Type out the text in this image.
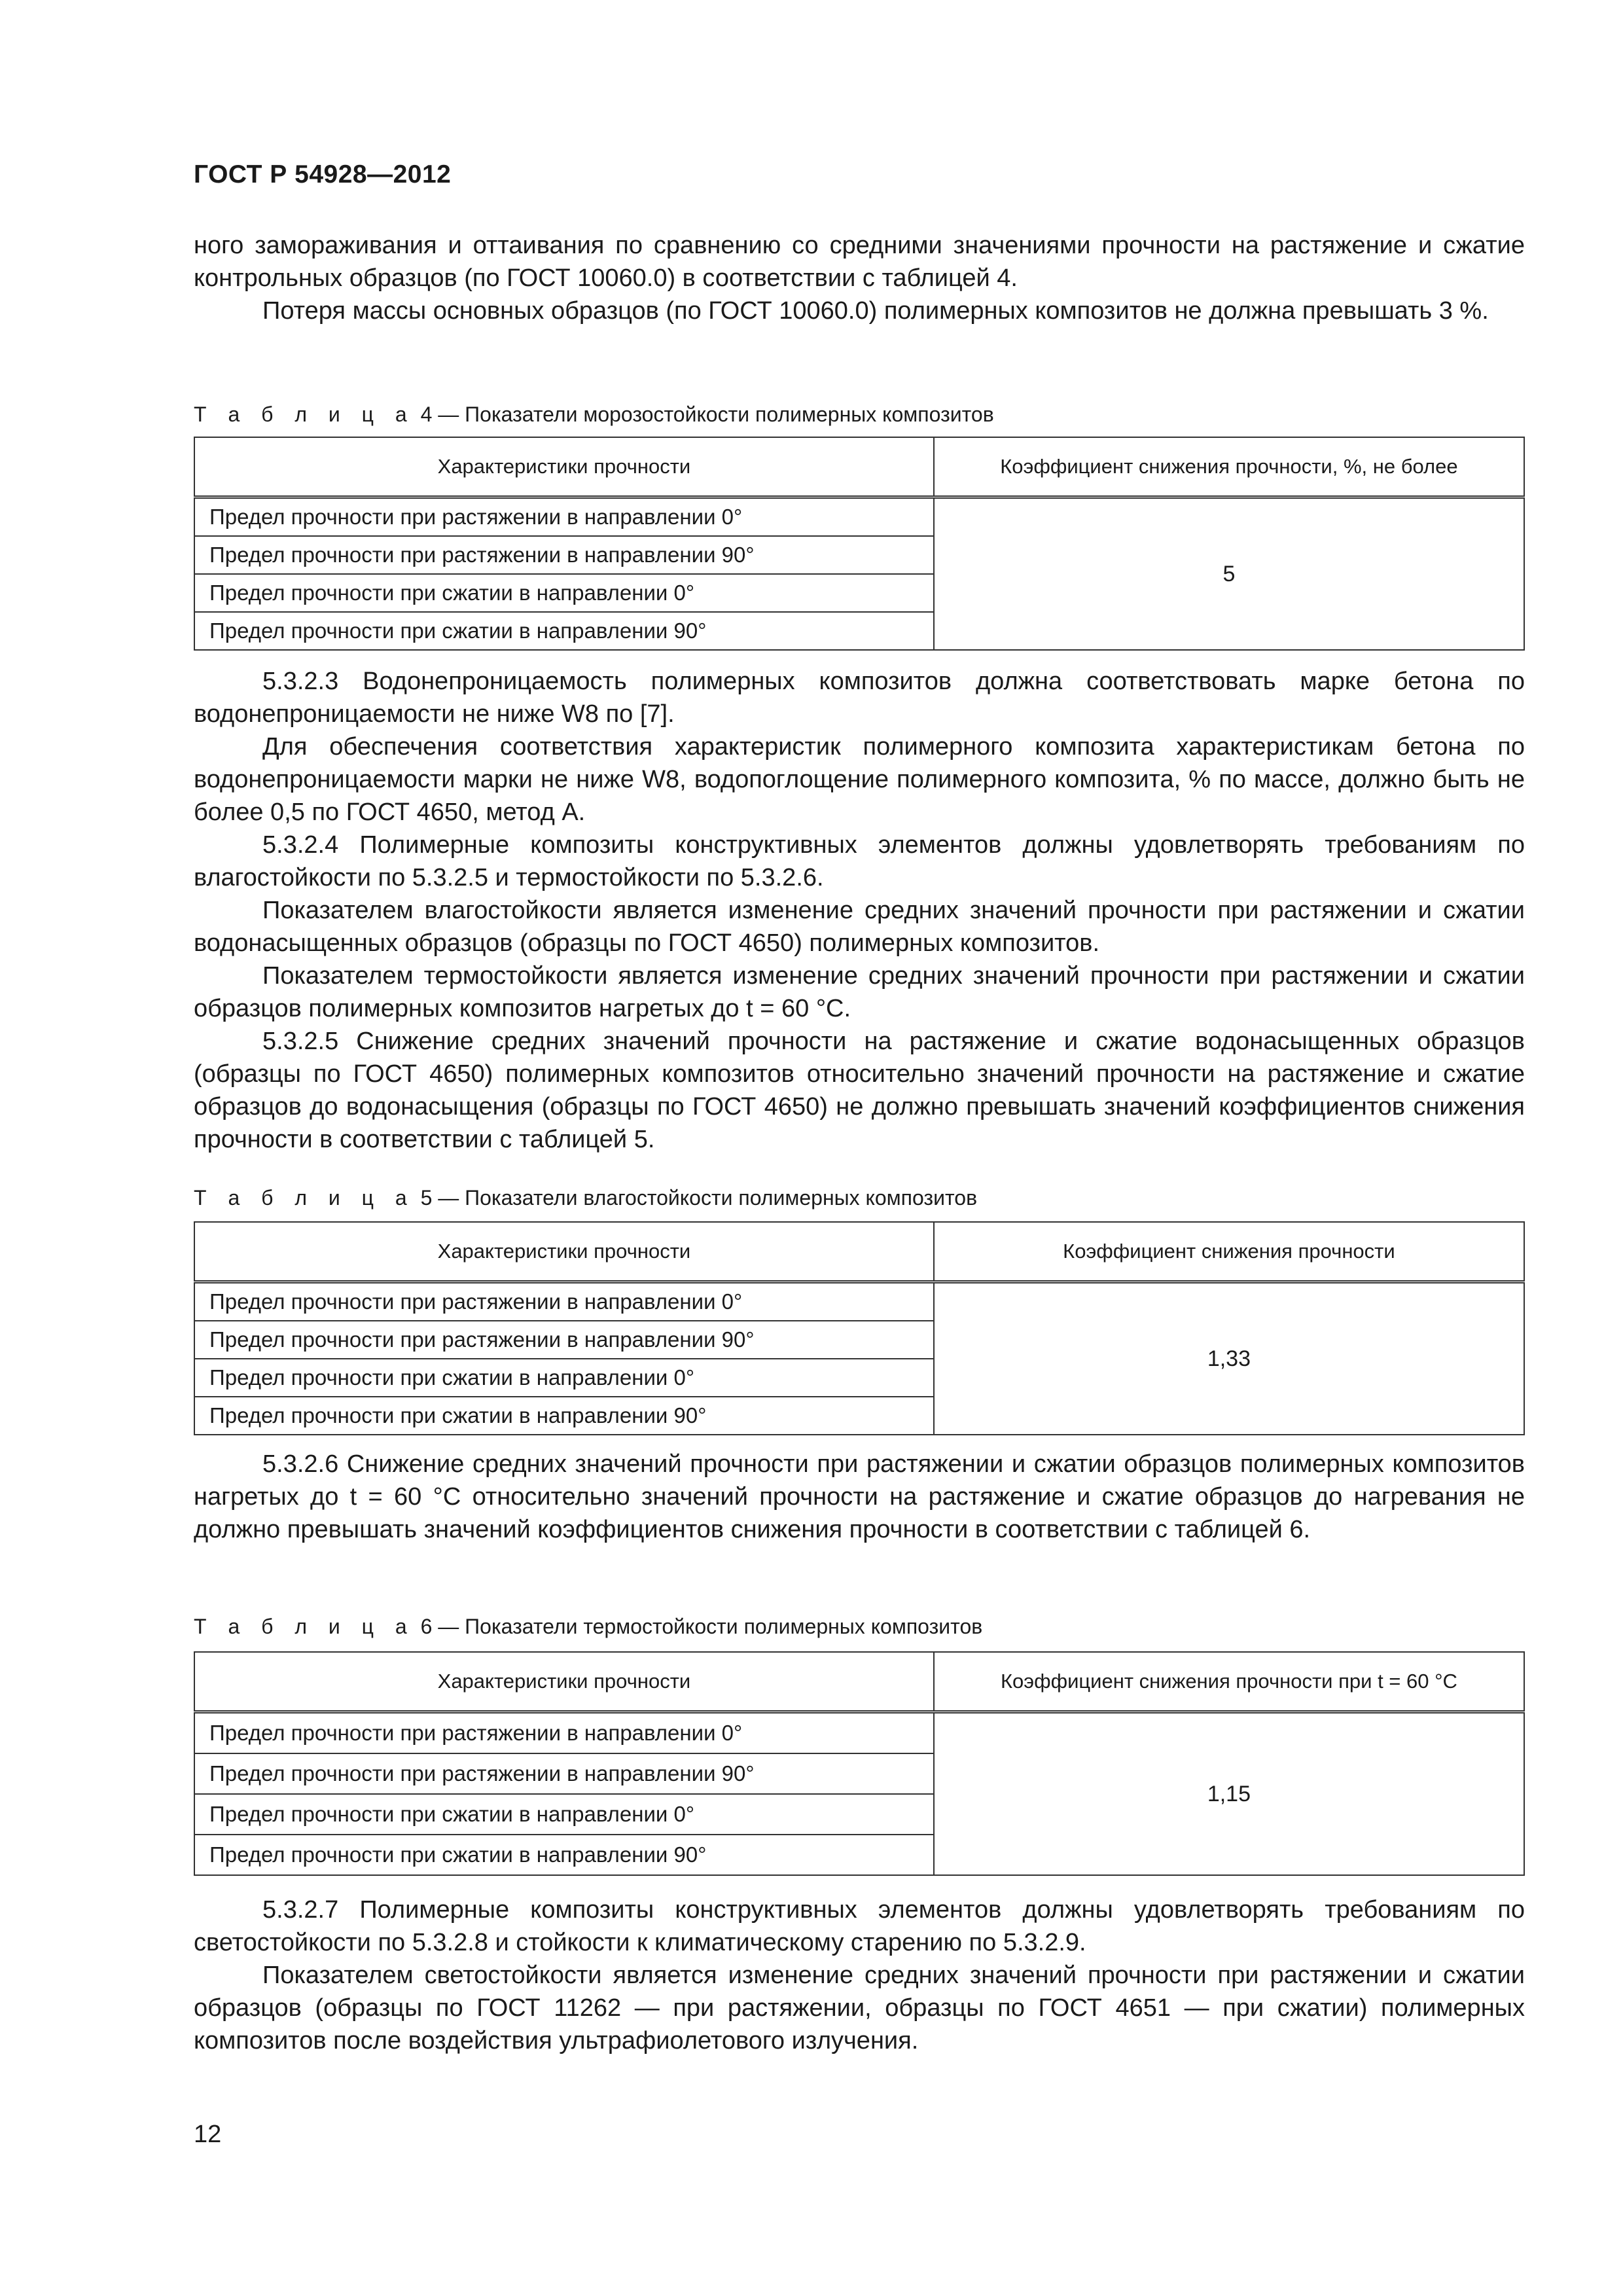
ГОСТ Р 54928—2012

ного замораживания и оттаивания по сравнению со средними значениями прочности на растяжение и сжатие контрольных образцов (по ГОСТ 10060.0) в соответствии с таблицей 4.

Потеря массы основных образцов (по ГОСТ 10060.0) полимерных композитов не должна превышать 3 %.

Т а б л и ц а 4 — Показатели морозостойкости полимерных композитов

Характеристики прочности	Коэффициент снижения прочности, %, не более
Предел прочности при растяжении в направлении 0°	5
Предел прочности при растяжении в направлении 90°	
Предел прочности при сжатии в направлении 0°	
Предел прочности при сжатии в направлении 90°	

5.3.2.3 Водонепроницаемость полимерных композитов должна соответствовать марке бетона по водонепроницаемости не ниже W8 по [7].

Для обеспечения соответствия характеристик полимерного композита характеристикам бетона по водонепроницаемости марки не ниже W8, водопоглощение полимерного композита, % по массе, должно быть не более 0,5 по ГОСТ 4650, метод А.

5.3.2.4 Полимерные композиты конструктивных элементов должны удовлетворять требованиям по влагостойкости по 5.3.2.5 и термостойкости по 5.3.2.6.

Показателем влагостойкости является изменение средних значений прочности при растяжении и сжатии водонасыщенных образцов (образцы по ГОСТ 4650) полимерных композитов.

Показателем термостойкости является изменение средних значений прочности при растяжении и сжатии образцов полимерных композитов нагретых до t = 60 °С.

5.3.2.5 Снижение средних значений прочности на растяжение и сжатие водонасыщенных образцов (образцы по ГОСТ 4650) полимерных композитов относительно значений прочности на растяжение и сжатие образцов до водонасыщения (образцы по ГОСТ 4650) не должно превышать значений коэффициентов снижения прочности в соответствии с таблицей 5.

Т а б л и ц а 5 — Показатели влагостойкости полимерных композитов

Характеристики прочности	Коэффициент снижения прочности
Предел прочности при растяжении в направлении 0°	1,33
Предел прочности при растяжении в направлении 90°	
Предел прочности при сжатии в направлении 0°	
Предел прочности при сжатии в направлении 90°	

5.3.2.6 Снижение средних значений прочности при растяжении и сжатии образцов полимерных композитов нагретых до t = 60 °С относительно значений прочности на растяжение и сжатие образцов до нагревания не должно превышать значений коэффициентов снижения прочности в соответствии с таблицей 6.

Т а б л и ц а 6 — Показатели термостойкости полимерных композитов

Характеристики прочности	Коэффициент снижения прочности при t = 60 °С
Предел прочности при растяжении в направлении 0°	1,15
Предел прочности при растяжении в направлении 90°	
Предел прочности при сжатии в направлении 0°	
Предел прочности при сжатии в направлении 90°	

5.3.2.7 Полимерные композиты конструктивных элементов должны удовлетворять требованиям по светостойкости по 5.3.2.8 и стойкости к климатическому старению по 5.3.2.9.

Показателем светостойкости является изменение средних значений прочности при растяжении и сжатии образцов (образцы по ГОСТ 11262 — при растяжении, образцы по ГОСТ 4651 — при сжатии) полимерных композитов после воздействия ультрафиолетового излучения.

12
